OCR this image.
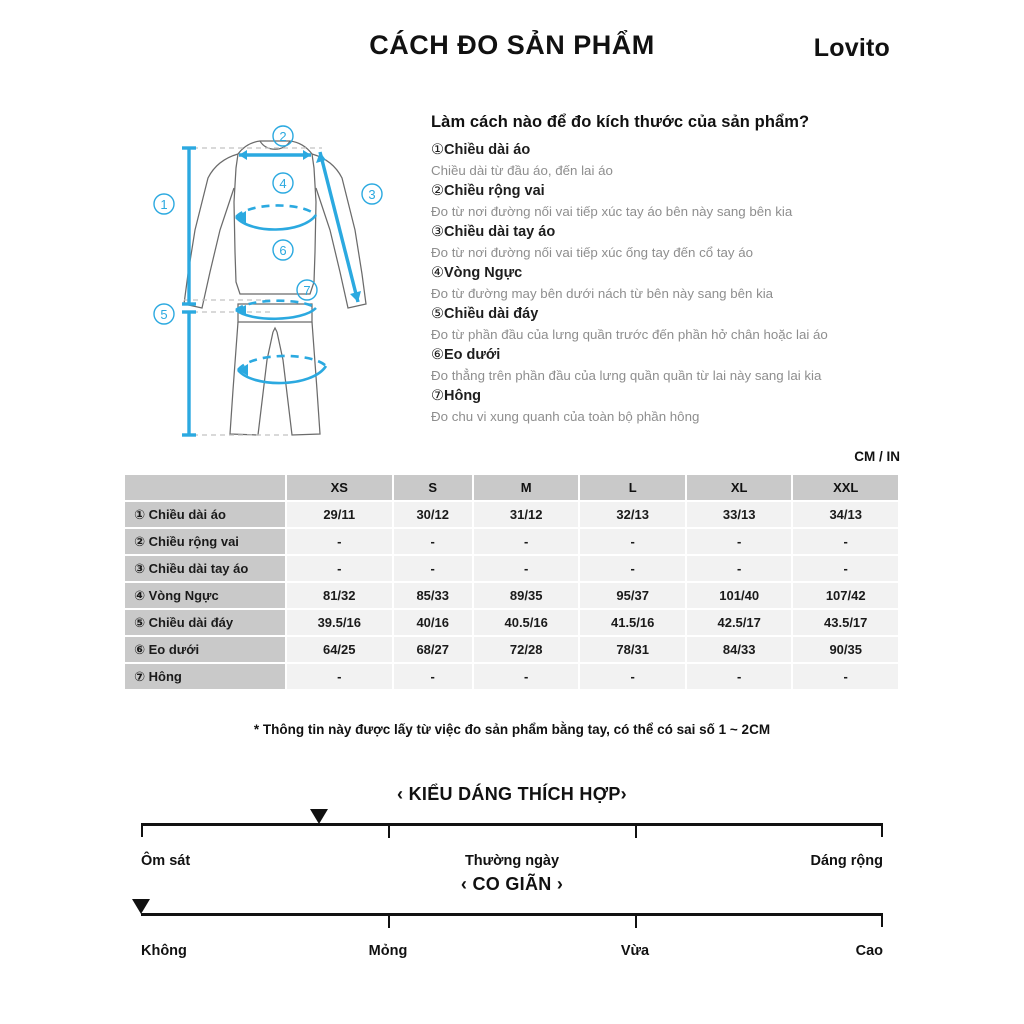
CÁCH ĐO SẢN PHẨM	Lovito
1
2
3
4
5
6
7
Làm cách nào để đo kích thước của sản phẩm?
①Chiều dài áo
Chiều dài từ đầu áo, đến lai áo
②Chiều rộng vai
Đo từ nơi đường nối vai tiếp xúc tay áo bên này sang bên kia
③Chiều dài tay áo
Đo từ nơi đường nối vai tiếp xúc ống tay đến cổ tay áo
④Vòng Ngực
Đo từ đường may bên dưới nách từ bên này sang bên kia
⑤Chiều dài đáy
Đo từ phần đầu của lưng quần trước đến phần hở chân hoặc lai áo
⑥Eo dưới
Đo thẳng trên phần đầu của lưng quần quần từ lai này sang lai kia
⑦Hông
Đo chu vi xung quanh của toàn bộ phần hông
CM / IN
	XS	S	M	L	XL	XXL
① Chiều dài áo	29/11	30/12	31/12	32/13	33/13	34/13
② Chiều rộng vai	-	-	-	-	-	-
③ Chiều dài tay áo	-	-	-	-	-	-
④ Vòng Ngực	81/32	85/33	89/35	95/37	101/40	107/42
⑤ Chiều dài đáy	39.5/16	40/16	40.5/16	41.5/16	42.5/17	43.5/17
⑥ Eo dưới	64/25	68/27	72/28	78/31	84/33	90/35
⑦ Hông	-	-	-	-	-	-
* Thông tin này được lấy từ việc đo sản phẩm bằng tay, có thể có sai số 1 ~ 2CM
‹ KIỂU DÁNG THÍCH HỢP›
Ôm sát	Thường ngày	Dáng rộng
‹ CO GIÃN ›
Không	Mỏng	Vừa	Cao
